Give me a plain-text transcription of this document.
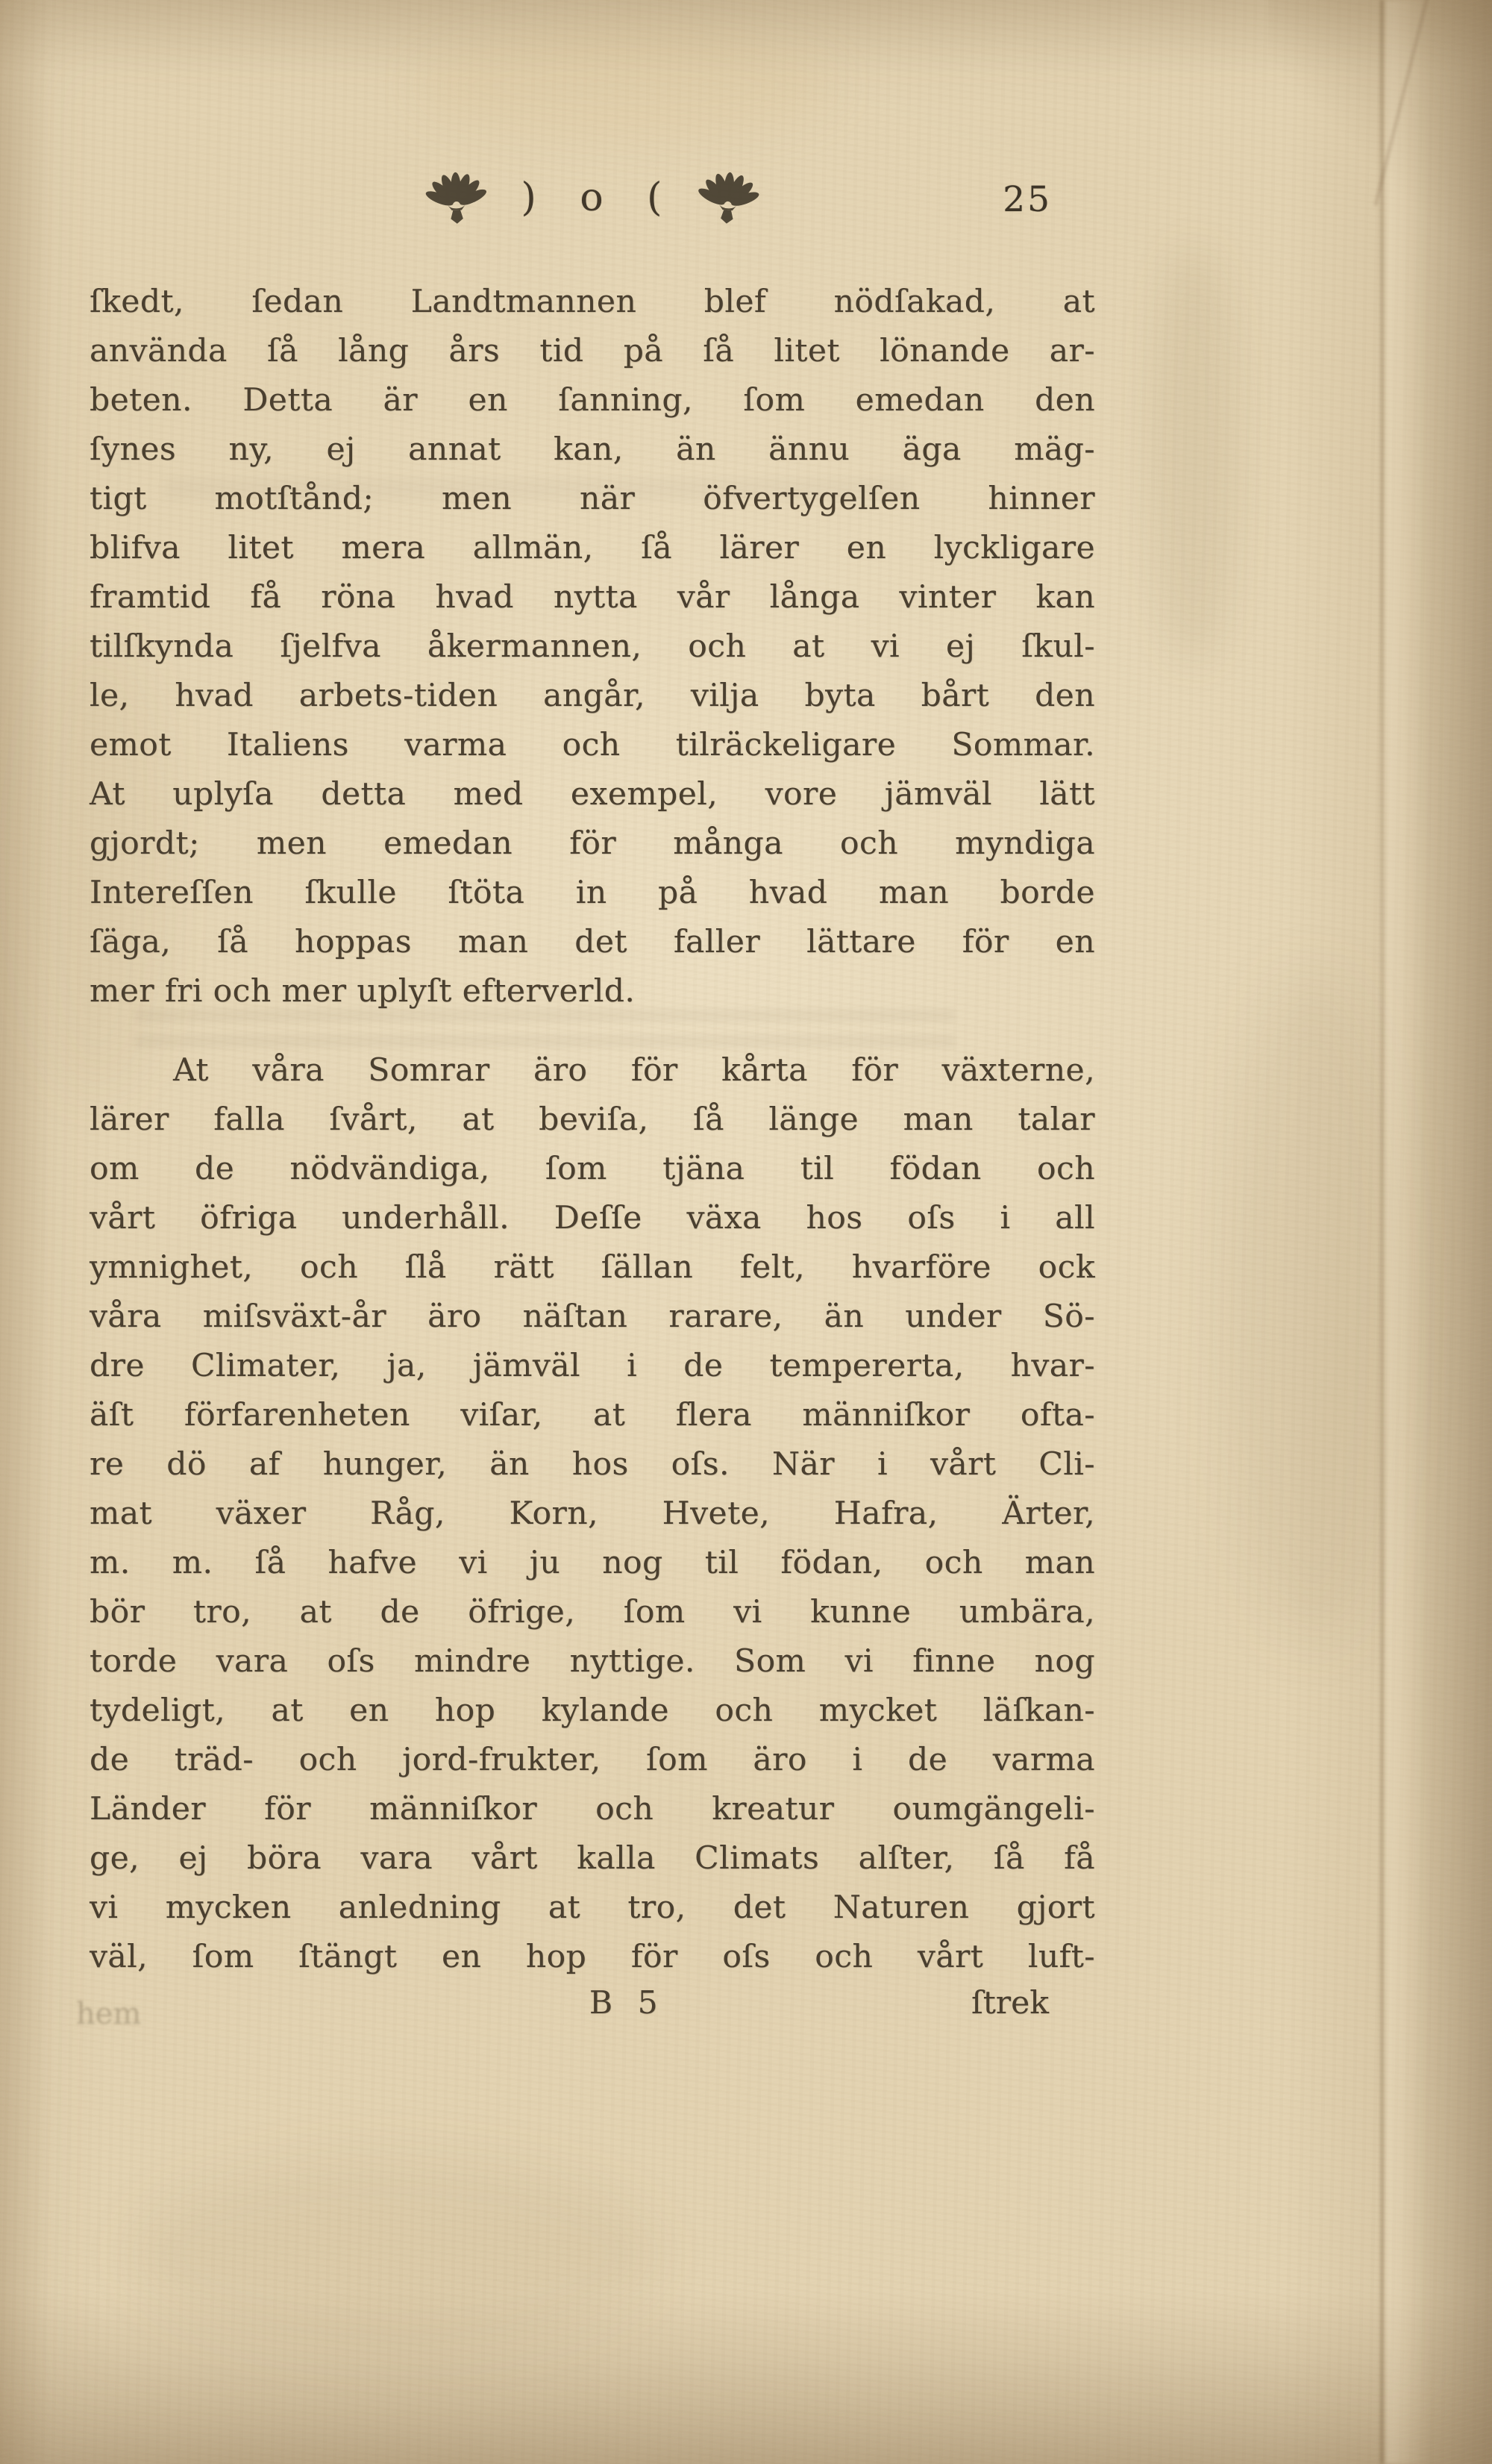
) o (	25
ſkedt, ſedan Landtmannen blef nödſakad, at
använda ſå lång års tid på ſå litet lönande ar-
beten. Detta är en ſanning, ſom emedan den
ſynes ny, ej annat kan, än ännu äga mäg-
tigt motſtånd; men när öfvertygelſen hinner
blifva litet mera allmän, ſå lärer en lyckligare
framtid få röna hvad nytta vår långa vinter kan
tilſkynda ſjelfva åkermannen, och at vi ej ſkul-
le, hvad arbets-tiden angår, vilja byta bårt den
emot Italiens varma och tilräckeligare Sommar.
At uplyſa detta med exempel, vore jämväl lätt
gjordt; men emedan för många och myndiga
Intereſſen ſkulle ſtöta in på hvad man borde
ſäga, ſå hoppas man det faller lättare för en
mer fri och mer uplyſt efterverld.
At våra Somrar äro för kårta för växterne,
lärer falla ſvårt, at beviſa, ſå länge man talar
om de nödvändiga, ſom tjäna til födan och
vårt öfriga underhåll. Deſſe växa hos oſs i all
ymnighet, och ſlå rätt ſällan felt, hvarföre ock
våra miſsväxt-år äro näſtan rarare, än under Sö-
dre Climater, ja, jämväl i de tempererta, hvar-
äſt förfarenheten viſar, at flera männiſkor ofta-
re dö af hunger, än hos oſs. När i vårt Cli-
mat växer Råg, Korn, Hvete, Hafra, Ärter,
m. m. ſå hafve vi ju nog til födan, och man
bör tro, at de öfrige, ſom vi kunne umbära,
torde vara oſs mindre nyttige. Som vi finne nog
tydeligt, at en hop kylande och mycket läſkan-
de träd- och jord-frukter, ſom äro i de varma
Länder för männiſkor och kreatur oumgängeli-
ge, ej böra vara vårt kalla Climats alſter, ſå få
vi mycken anledning at tro, det Naturen gjort
väl, ſom ſtängt en hop för oſs och vårt luft-
hem	B 5	ſtrek
